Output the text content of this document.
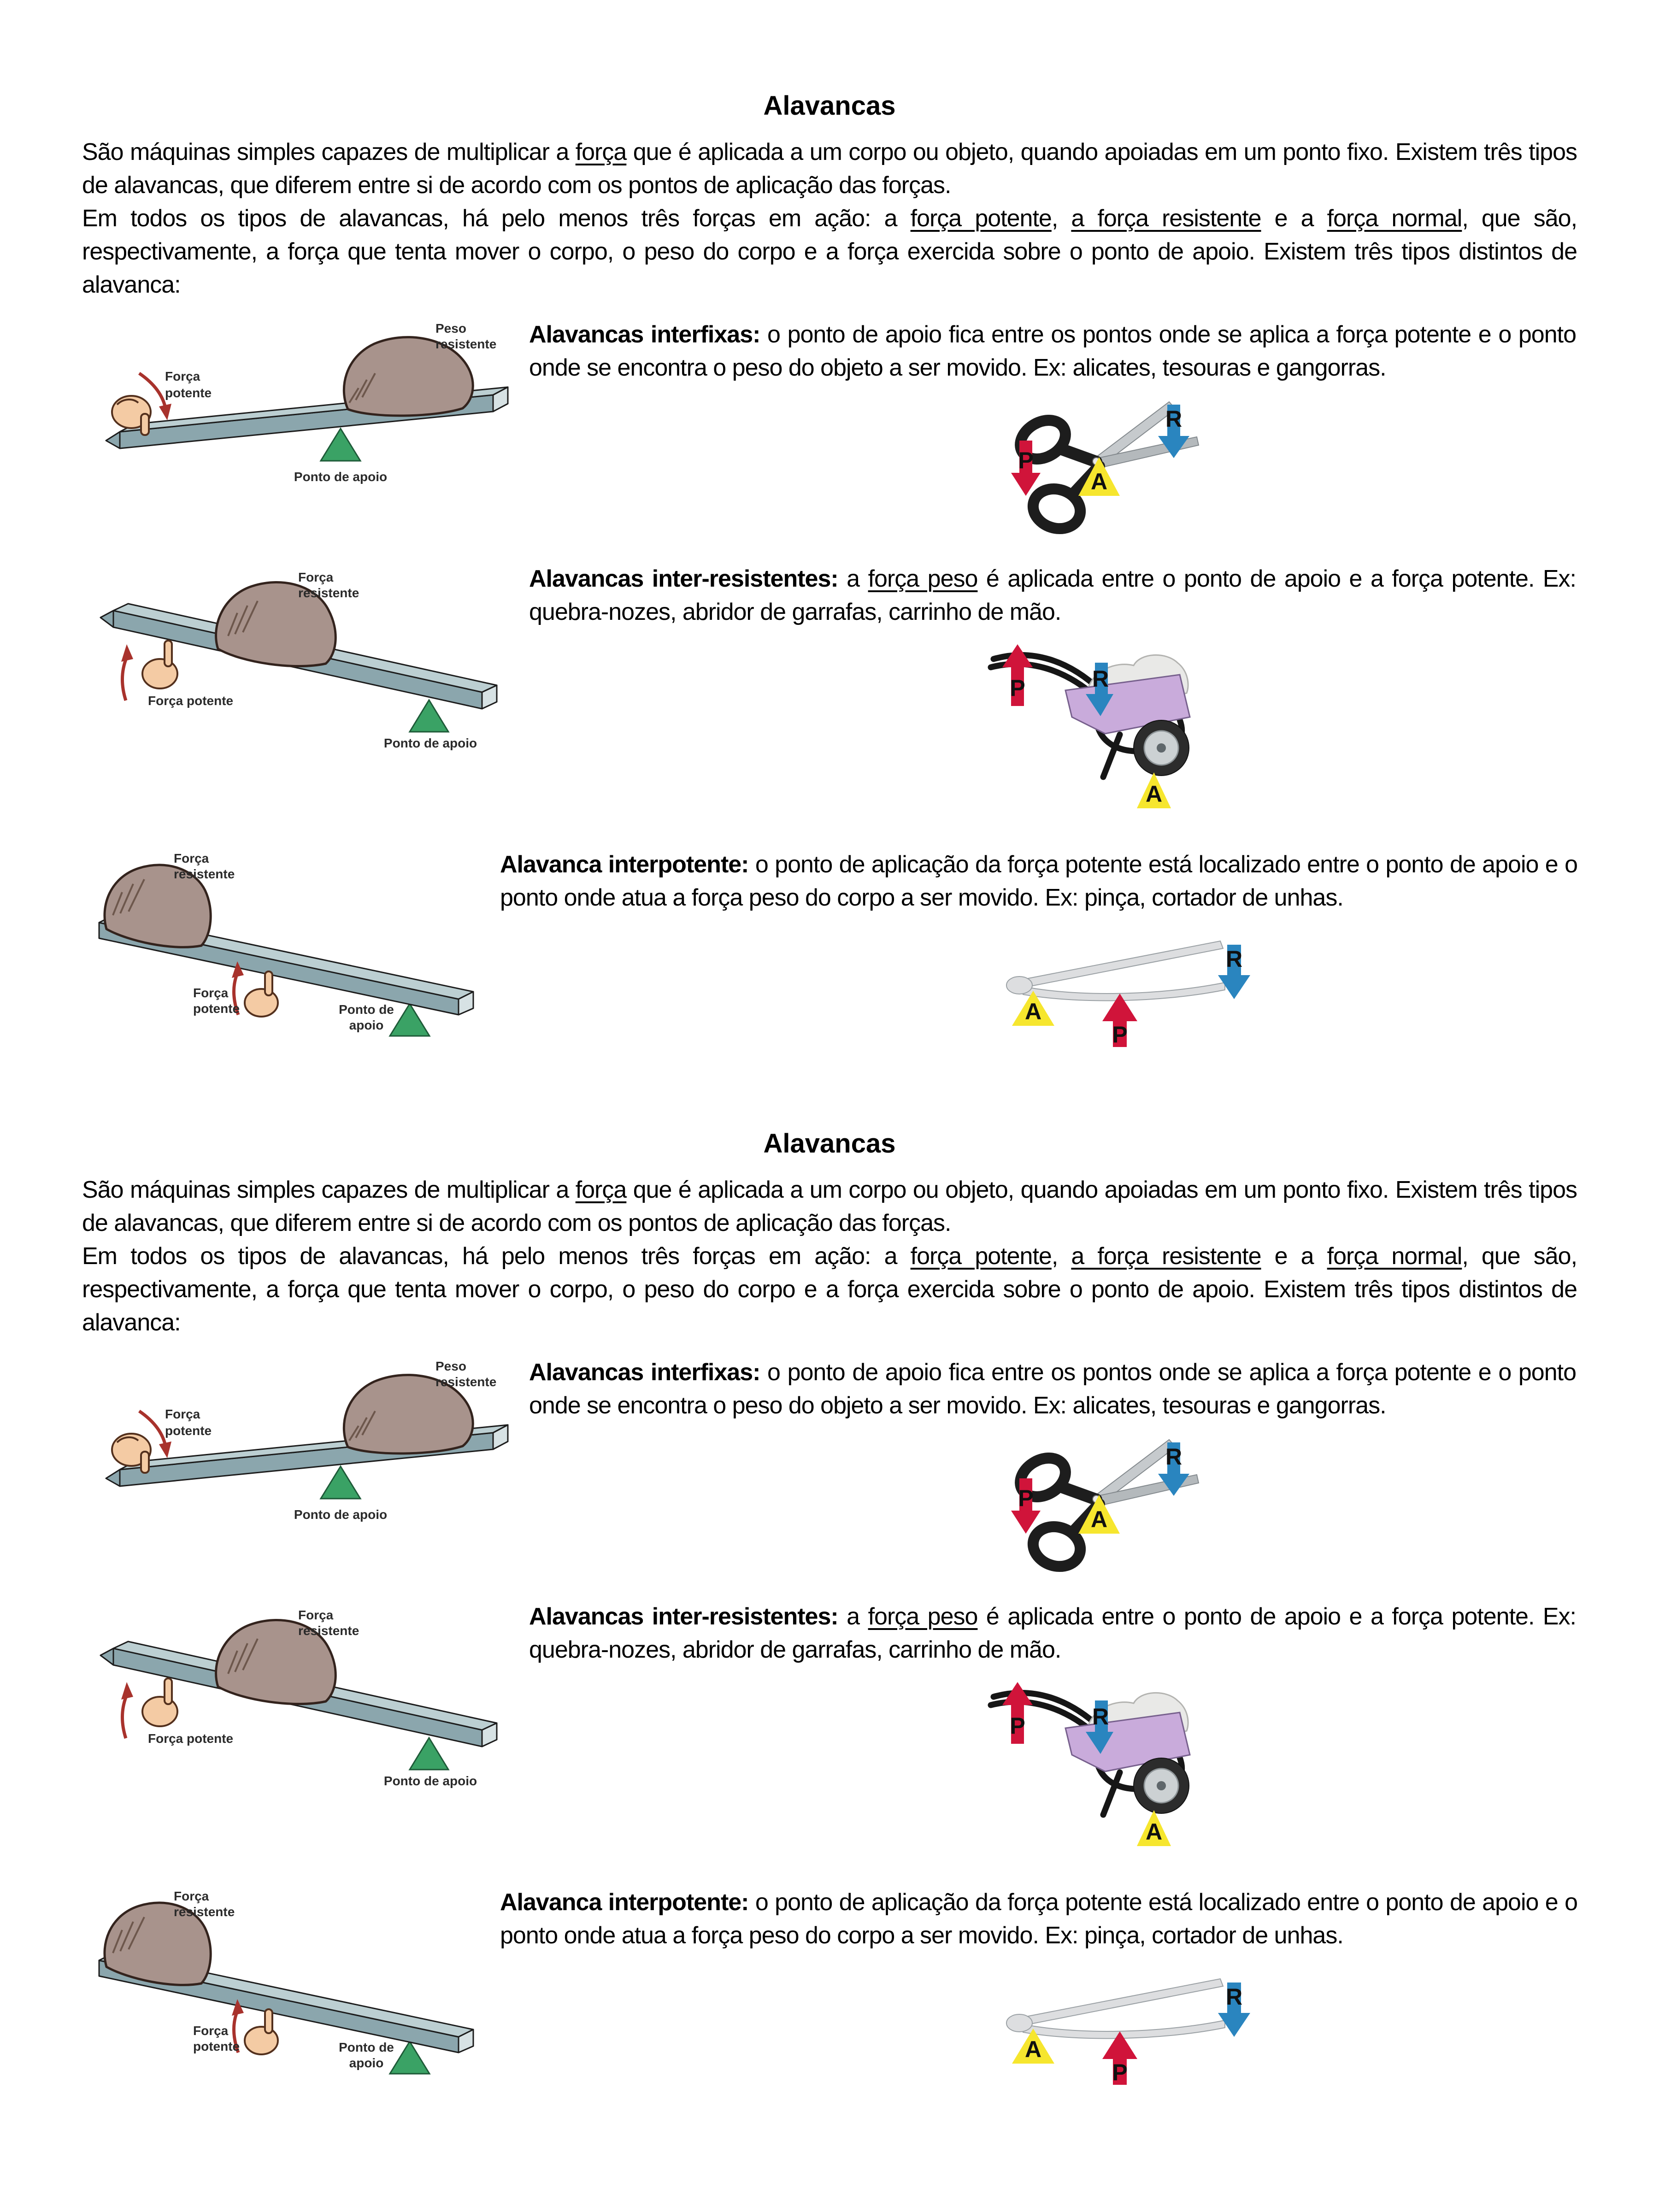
Alavancas

São máquinas simples capazes de multiplicar a força que é aplicada a um corpo ou objeto, quando apoiadas em um ponto fixo. Existem três tipos de alavancas, que diferem entre si de acordo com os pontos de aplicação das forças.

Em todos os tipos de alavancas, há pelo menos três forças em ação: a força potente, a força resistente e a força normal, que são, respectivamente, a força que tenta mover o corpo, o peso do corpo e a força exercida sobre o ponto de apoio. Existem três tipos distintos de alavanca:

Alavancas interfixas: o ponto de apoio fica entre os pontos onde se aplica a força potente e o ponto onde se encontra o peso do objeto a ser movido. Ex: alicates, tesouras e gangorras.
Alavancas inter-resistentes: a força peso é aplicada entre o ponto de apoio e a força potente. Ex: quebra-nozes, abridor de garrafas, carrinho de mão.
Alavanca interpotente: o ponto de aplicação da força potente está localizado entre o ponto de apoio e o ponto onde atua a força peso do corpo a ser movido. Ex: pinça, cortador de unhas.
Força
potente
Peso
resistente
Ponto de apoio
P
A
R
Força
resistente
Força potente
Ponto de apoio
P	R
A
Força
resistente
Força
potente	Ponto de
apoio
A
P
R
Alavancas

São máquinas simples capazes de multiplicar a força que é aplicada a um corpo ou objeto, quando apoiadas em um ponto fixo. Existem três tipos de alavancas, que diferem entre si de acordo com os pontos de aplicação das forças.

Em todos os tipos de alavancas, há pelo menos três forças em ação: a força potente, a força resistente e a força normal, que são, respectivamente, a força que tenta mover o corpo, o peso do corpo e a força exercida sobre o ponto de apoio. Existem três tipos distintos de alavanca:

Alavancas interfixas: o ponto de apoio fica entre os pontos onde se aplica a força potente e o ponto onde se encontra o peso do objeto a ser movido. Ex: alicates, tesouras e gangorras.
Alavancas inter-resistentes: a força peso é aplicada entre o ponto de apoio e a força potente. Ex: quebra-nozes, abridor de garrafas, carrinho de mão.
Alavanca interpotente: o ponto de aplicação da força potente está localizado entre o ponto de apoio e o ponto onde atua a força peso do corpo a ser movido. Ex: pinça, cortador de unhas.
Força
potente
Peso
resistente
Ponto de apoio
P
A
R
Força
resistente
Força potente
Ponto de apoio
P	R
A
Força
resistente
Força
potente	Ponto de
apoio
A
P
R
